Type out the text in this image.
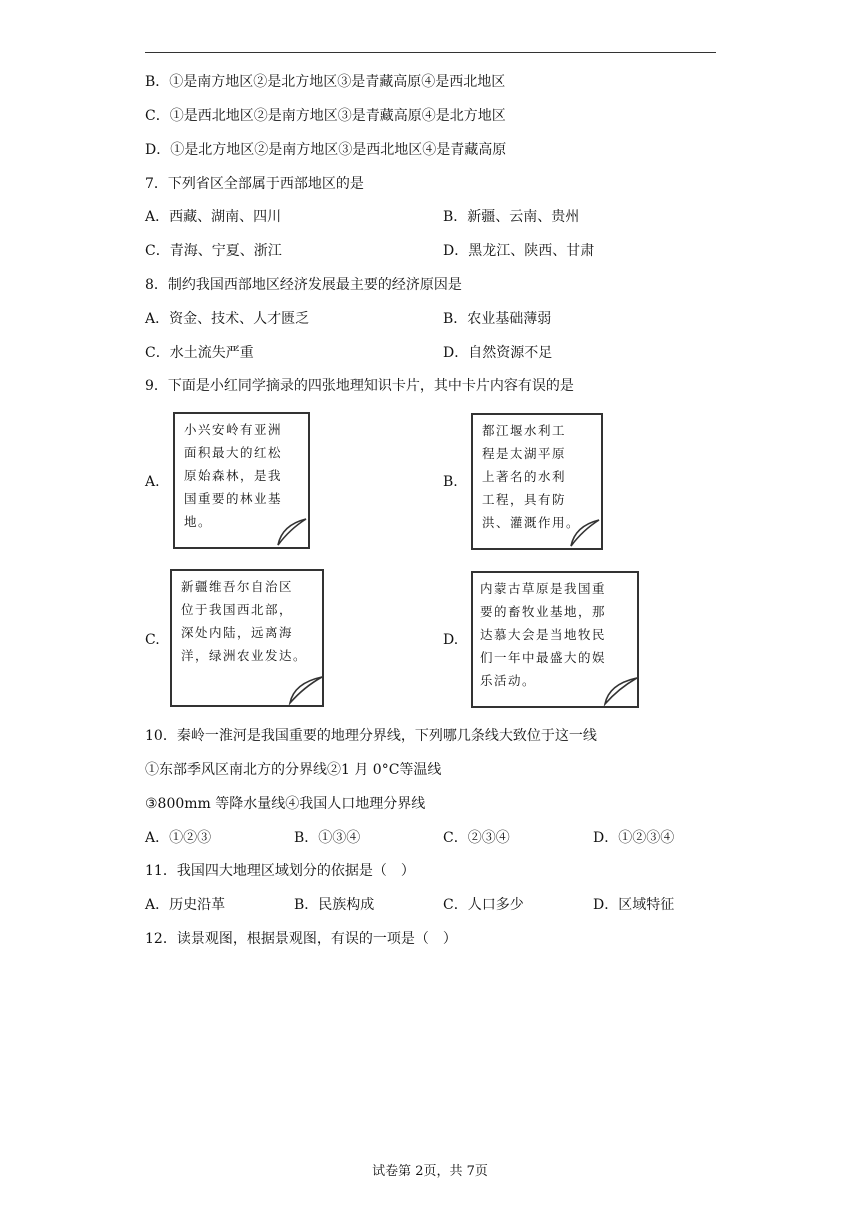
B．①是南方地区②是北方地区③是青藏高原④是西北地区
C．①是西北地区②是南方地区③是青藏高原④是北方地区
D．①是北方地区②是南方地区③是西北地区④是青藏高原
7．下列省区全部属于西部地区的是
A．西藏、湖南、四川	B．新疆、云南、贵州
C．青海、宁夏、浙江	D．黑龙江、陕西、甘肃
8．制约我国西部地区经济发展最主要的经济原因是
A．资金、技术、人才匮乏	B．农业基础薄弱
C．水土流失严重	D．自然资源不足
9．下面是小红同学摘录的四张地理知识卡片，其中卡片内容有误的是
A.
小兴安岭有亚洲
面积最大的红松
原始森林，是我
国重要的林业基
地。
B.
都江堰水利工
程是太湖平原
上著名的水利
工程，具有防
洪、灌溉作用。
C.
新疆维吾尔自治区
位于我国西北部，
深处内陆，远离海
洋，绿洲农业发达。
D.
内蒙古草原是我国重
要的畜牧业基地，那
达慕大会是当地牧民
们一年中最盛大的娱
乐活动。
10．秦岭一淮河是我国重要的地理分界线，下列哪几条线大致位于这一线
①东部季风区南北方的分界线②1 月 0°C等温线
③800mm 等降水量线④我国人口地理分界线
A．①②③	B．①③④	C．②③④	D．①②③④
11．我国四大地理区域划分的依据是（　）
A．历史沿革	B．民族构成	C．人口多少	D．区域特征
12．读景观图，根据景观图，有误的一项是（　）
试卷第 2页，共 7页
